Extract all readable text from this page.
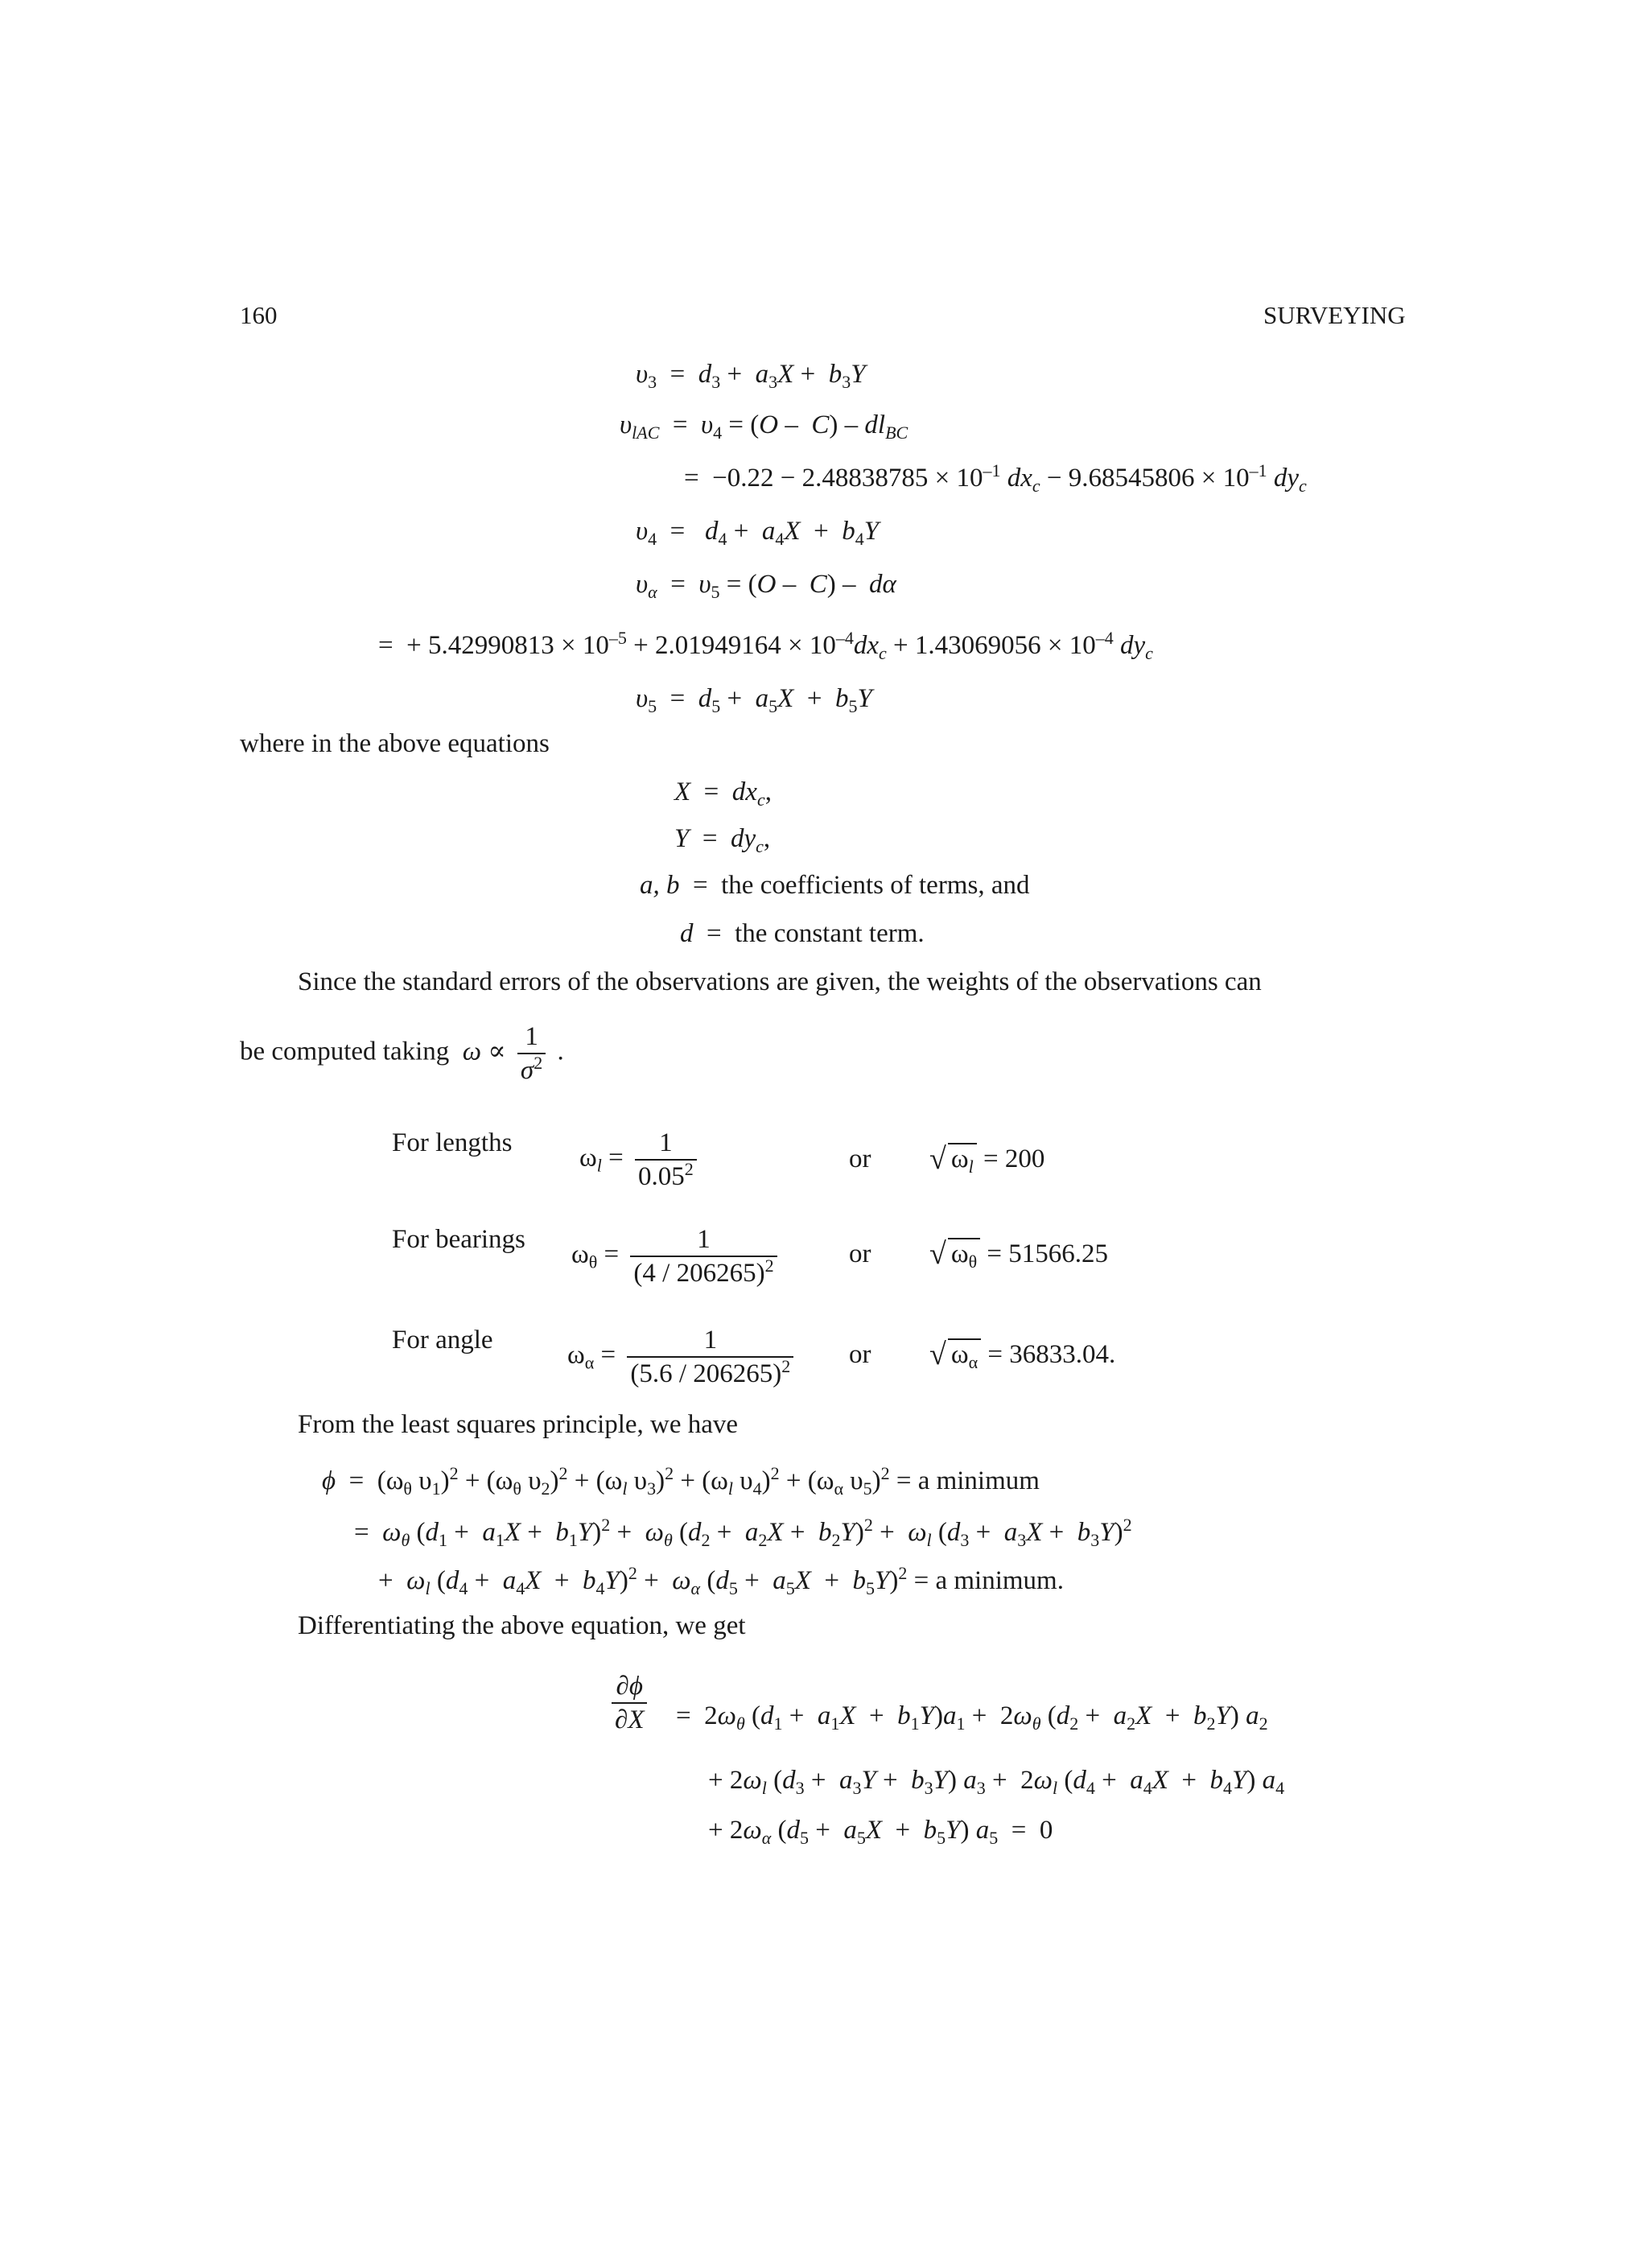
160	SURVEYING
$\upsilon_3 = d_3 + a_3X + b_3Y$
$\upsilon_{lAC} = \upsilon_4 = (O - C) - dl_{BC}$
=  $-0.22 - 2.48838785 \times 10^{-1}$ $dx_c - 9.68545806 \times 10^{-1}$ $dy_c$
$\upsilon_4 = d_4 + a_4X + b_4Y$
$\upsilon_\alpha = \upsilon_5 = (O - C) - d\alpha$
=  + $5.42990813 \times 10^{-5} + 2.01949164 \times 10^{-4}dx_c + 1.43069056 \times 10^{-4}$ $dy_c$
$\upsilon_5 = d_5 + a_5X + b_5Y$
where in the above equations
$X = dx_c$,
$Y = dy_c$,
a, b  =  the coefficients of terms, and
d  =  the constant term.
Since the standard errors of the observations are given, the weights of the observations can
be computed taking $\omega \propto \frac{1}{\sigma^2}$ .
For lengths
$\omega_l = \frac{1}{0.05^2}$	or √ $\omega_l = 200$
For bearings
$\omega_\theta = \frac{1}{(4 / 206265)^2}$	or √ $\omega_\theta = 51566.25$
For angle
$\omega_\alpha = \frac{1}{(5.6 / 206265)^2}$ or √ $\omega_\alpha = 36833.04$.
From the least squares principle, we have
$\phi = (\omega_\theta$ $\upsilon_1)^2 + (\omega_\theta$ $\upsilon_2)^2 + (\omega_l$ $\upsilon_3)^2 + (\omega_l$ $\upsilon_4)^2 + (\omega_\alpha$ $\upsilon_5)^2 = a$ minimum
=  $\omega_\theta$ $(d_1 + a_1X + b_1Y)^2 + \omega_\theta$ $(d_2 + a_2X + b_2Y)^2 + \omega_l$ $(d_3 + a_3X + b_3Y)^2$
+  $\omega_l$ $(d_4 + a_4X + b_4Y)^2 + \omega_\alpha$ $(d_5 + a_5X + b_5Y)^2 = a$ minimum.
Differentiating the above equation, we get
$\frac{\partial\phi}{\partial X} = 2\omega_\theta$ $(d_1 + a_1X + b_1Y)a_1 + 2\omega_\theta$ $(d_2 + a_2X + b_2Y)$ $a_2$
+ $2\omega_l$ $(d_3 + a_3Y + b_3Y) a_3 + 2\omega_l$ $(d_4 + a_4X + b_4Y)$ $a_4$
+ $2\omega_\alpha$ $(d_5 + a_5X + b_5Y) a_5 = 0$
